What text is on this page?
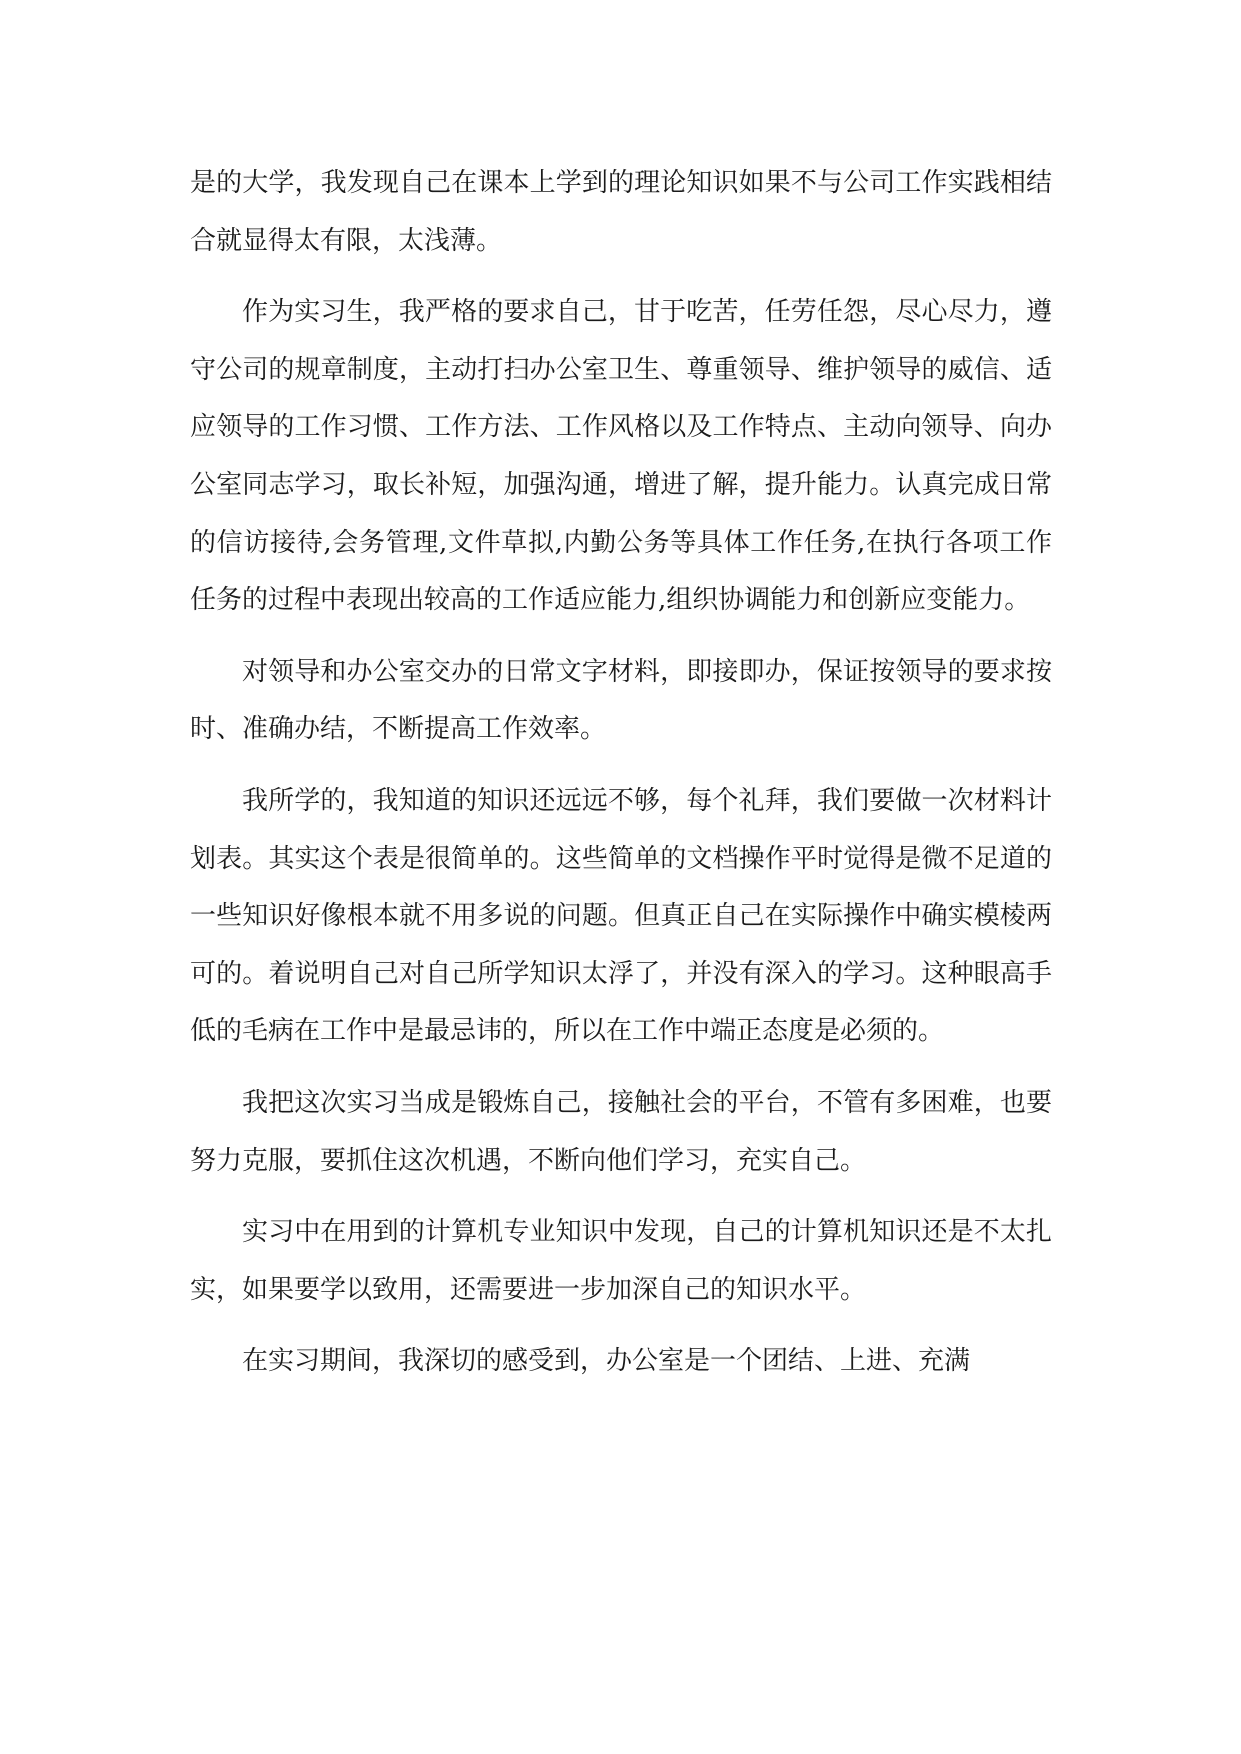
是的大学，我发现自己在课本上学到的理论知识如果不与公司工作实践相结合就显得太有限，太浅薄。

作为实习生，我严格的要求自己，甘于吃苦，任劳任怨，尽心尽力，遵守公司的规章制度，主动打扫办公室卫生、尊重领导、维护领导的威信、适应领导的工作习惯、工作方法、工作风格以及工作特点、主动向领导、向办公室同志学习，取长补短，加强沟通，增进了解，提升能力。认真完成日常的信访接待,会务管理,文件草拟,内勤公务等具体工作任务,在执行各项工作任务的过程中表现出较高的工作适应能力,组织协调能力和创新应变能力。

对领导和办公室交办的日常文字材料，即接即办，保证按领导的要求按时、准确办结，不断提高工作效率。

我所学的，我知道的知识还远远不够，每个礼拜，我们要做一次材料计划表。其实这个表是很简单的。这些简单的文档操作平时觉得是微不足道的一些知识好像根本就不用多说的问题。但真正自己在实际操作中确实模棱两可的。着说明自己对自己所学知识太浮了，并没有深入的学习。这种眼高手低的毛病在工作中是最忌讳的，所以在工作中端正态度是必须的。

我把这次实习当成是锻炼自己，接触社会的平台，不管有多困难，也要努力克服，要抓住这次机遇，不断向他们学习，充实自己。

实习中在用到的计算机专业知识中发现，自己的计算机知识还是不太扎实，如果要学以致用，还需要进一步加深自己的知识水平。

在实习期间，我深切的感受到，办公室是一个团结、上进、充满
